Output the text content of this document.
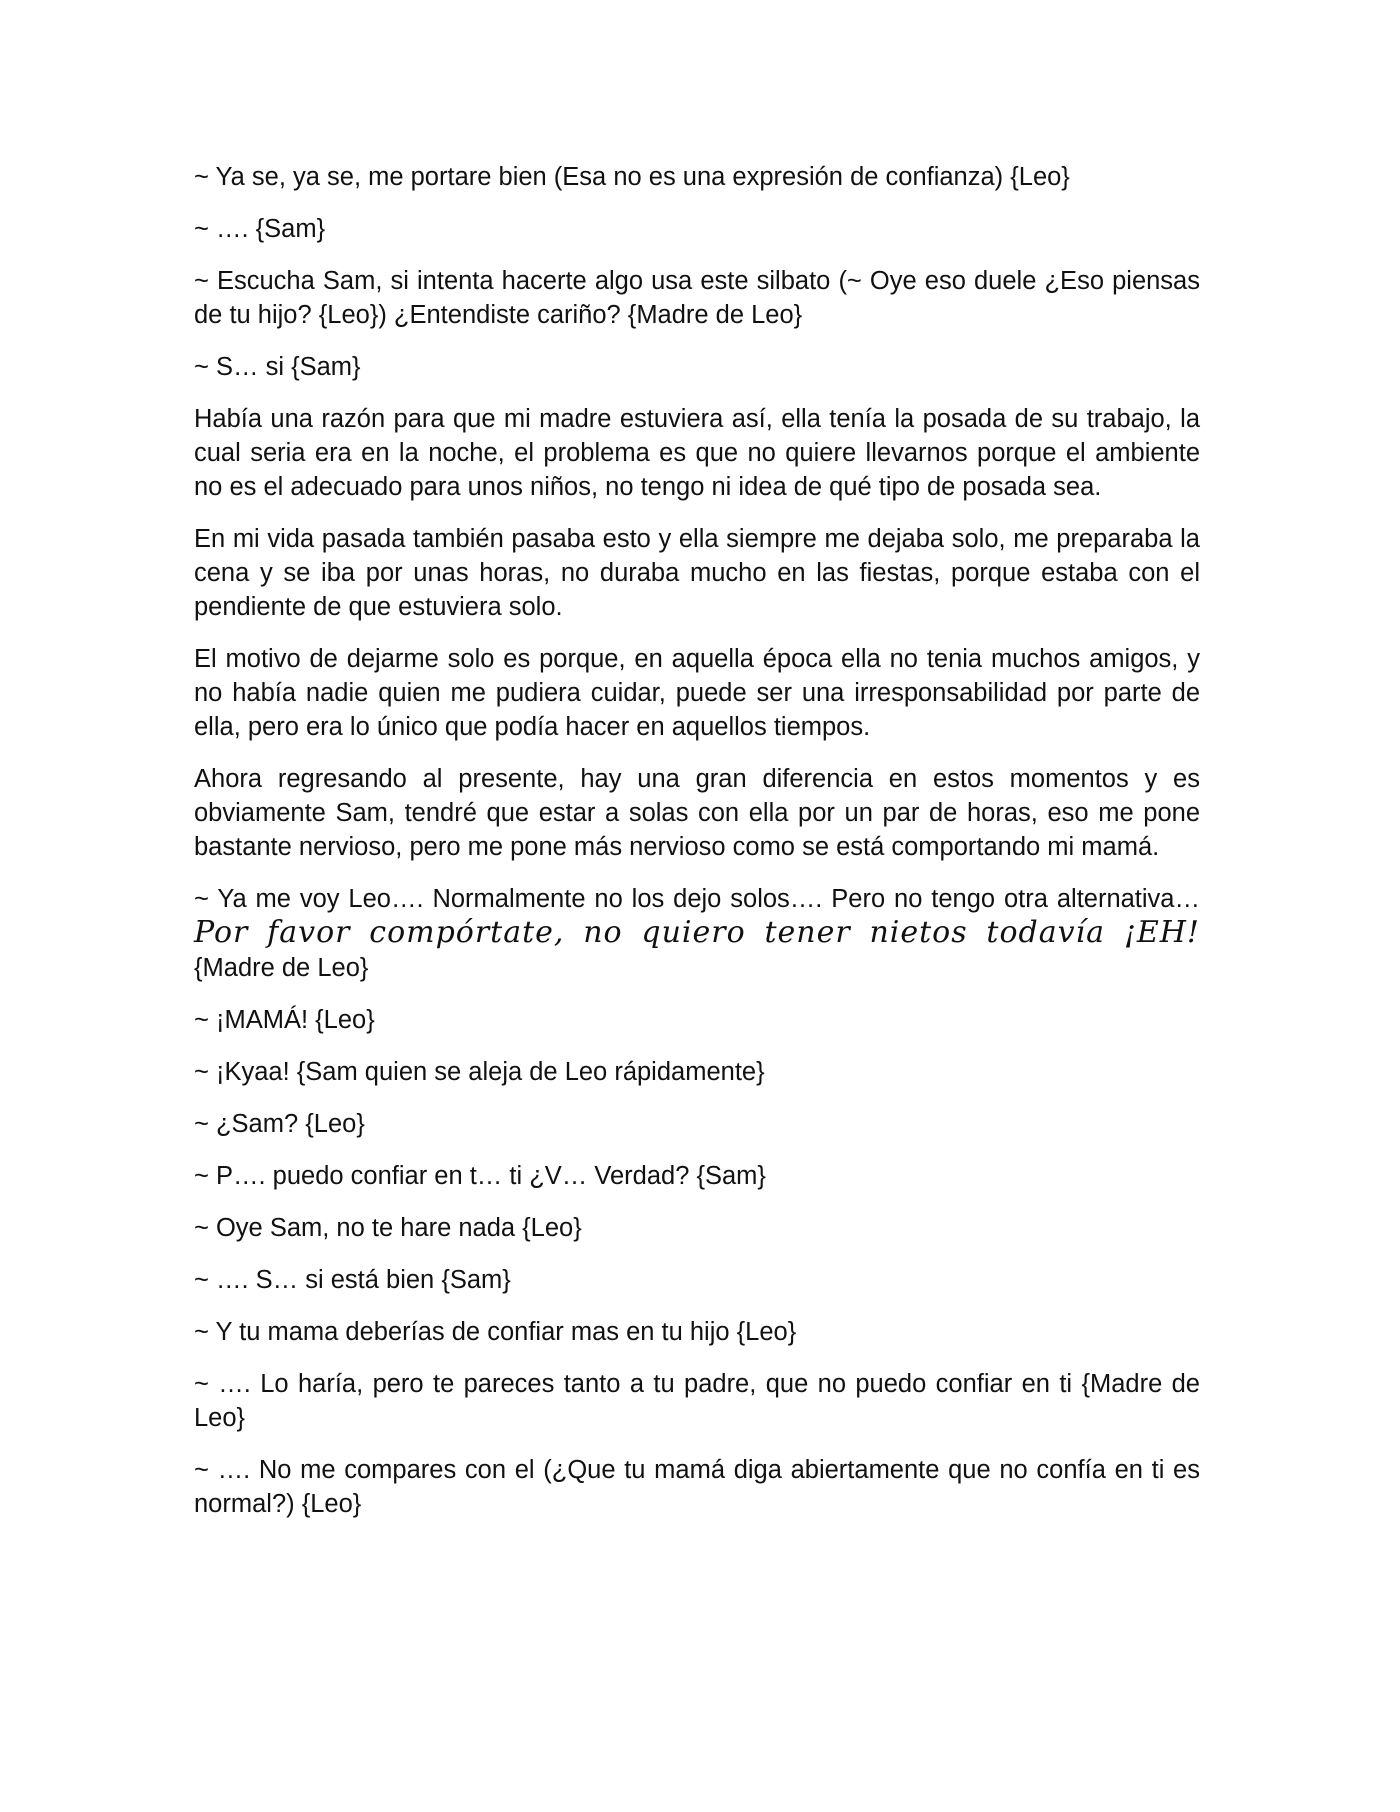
~ Ya se, ya se, me portare bien (Esa no es una expresión de confianza) {Leo}

~ …. {Sam}

~ Escucha Sam, si intenta hacerte algo usa este silbato (~ Oye eso duele ¿Eso piensas de tu hijo? {Leo}) ¿Entendiste cariño? {Madre de Leo}

~ S… si {Sam}

Había una razón para que mi madre estuviera así, ella tenía la posada de su trabajo, la cual seria era en la noche, el problema es que no quiere llevarnos porque el ambiente no es el adecuado para unos niños, no tengo ni idea de qué tipo de posada sea.

En mi vida pasada también pasaba esto y ella siempre me dejaba solo, me preparaba la cena y se iba por unas horas, no duraba mucho en las fiestas, porque estaba con el pendiente de que estuviera solo.

El motivo de dejarme solo es porque, en aquella época ella no tenia muchos amigos, y no había nadie quien me pudiera cuidar, puede ser una irresponsabilidad por parte de ella, pero era lo único que podía hacer en aquellos tiempos.

Ahora regresando al presente, hay una gran diferencia en estos momentos y es obviamente Sam, tendré que estar a solas con ella por un par de horas, eso me pone bastante nervioso, pero me pone más nervioso como se está comportando mi mamá.

~ Ya me voy Leo…. Normalmente no los dejo solos…. Pero no tengo otra alternativa… Por favor compórtate, no quiero tener nietos todavía ¡EH! {Madre de Leo}

~ ¡MAMÁ! {Leo}

~ ¡Kyaa! {Sam quien se aleja de Leo rápidamente}

~ ¿Sam? {Leo}

~ P…. puedo confiar en t… ti ¿V… Verdad? {Sam}

~ Oye Sam, no te hare nada {Leo}

~ …. S… si está bien {Sam}

~ Y tu mama deberías de confiar mas en tu hijo {Leo}

~ …. Lo haría, pero te pareces tanto a tu padre, que no puedo confiar en ti {Madre de Leo}

~ …. No me compares con el (¿Que tu mamá diga abiertamente que no confía en ti es normal?) {Leo}
